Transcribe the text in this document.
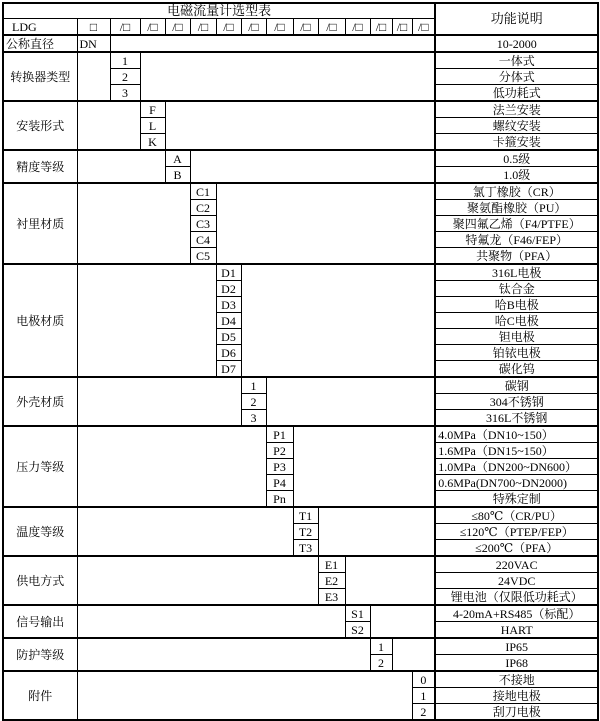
电磁流量计选型表															功能说明
LDG	□	/□	/□	/□	/□	/□	/□	/□	/□	/□	/□	/□	/□	/□	
公称直径	DN														10-2000
转换器类型		1													一体式
		2													分体式
		3													低功耗式
安装形式			F												法兰安装
			L												螺纹安装
			K												卡箍安装
精度等级				A											0.5级
				B											1.0级
衬里材质					C1										氯丁橡胶（CR）
					C2										聚氨酯橡胶（PU）
					C3										聚四氟乙烯（F4/PTFE）
					C4										特氟龙（F46/FEP）
					C5										共聚物（PFA）
电极材质						D1									316L电极
						D2									钛合金
						D3									哈B电极
						D4									哈C电极
						D5									钽电极
						D6									铂铱电极
						D7									碳化钨
外壳材质							1								碳钢
							2								304不锈钢
							3								316L不锈钢
压力等级								P1							4.0MPa（DN10~150）
								P2							1.6MPa（DN15~150）
								P3							1.0MPa（DN200~DN600）
								P4							0.6MPa(DN700~DN2000)
								Pn							特殊定制
温度等级									T1						≤80℃（CR/PU）
									T2						≤120℃（PTEP/FEP）
									T3						≤200℃（PFA）
供电方式										E1					220VAC
										E2					24VDC
										E3					锂电池（仅限低功耗式）
信号输出											S1				4-20mA+RS485（标配）
											S2				HART
防护等级												1			IP65
												2			IP68
附件														0	不接地
														1	接地电极
														2	刮刀电极
